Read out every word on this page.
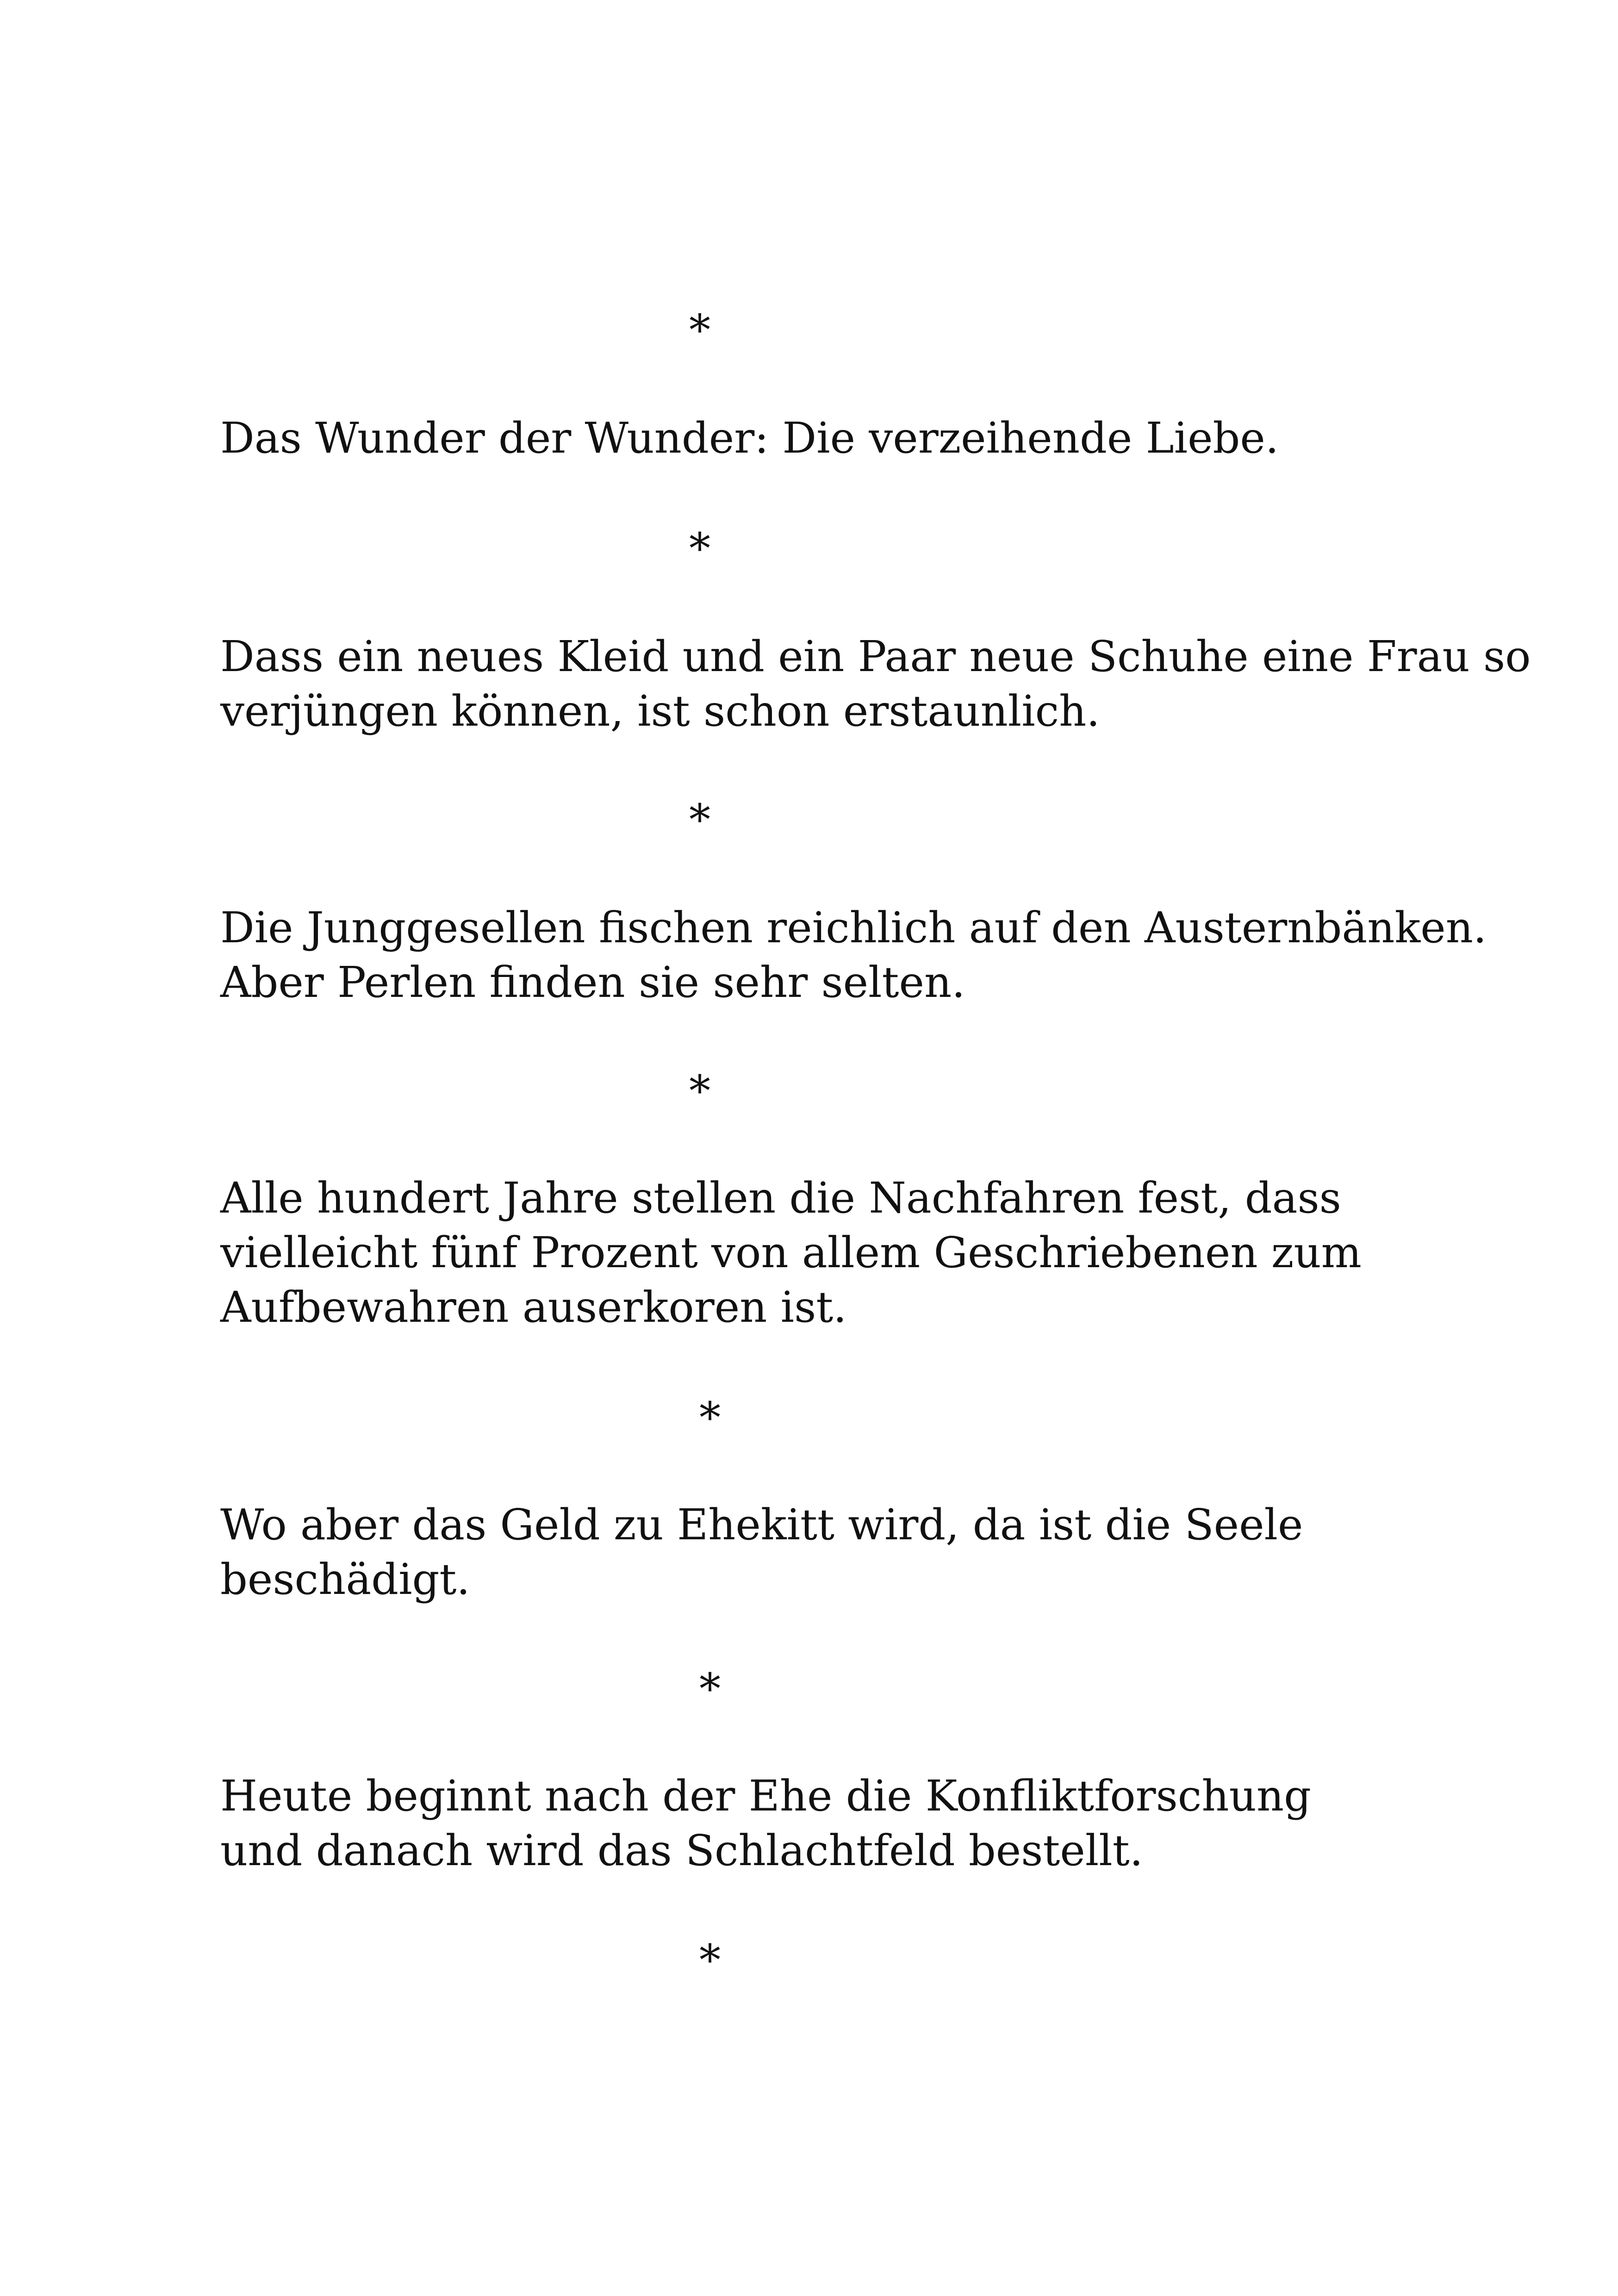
*
Das Wunder der Wunder: Die verzeihende Liebe.
*
Dass ein neues Kleid und ein Paar neue Schuhe eine Frau so
verjüngen können, ist schon erstaunlich.
*
Die Junggesellen fischen reichlich auf den Austernbänken.
Aber Perlen finden sie sehr selten.
*
Alle hundert Jahre stellen die Nachfahren fest, dass
vielleicht fünf Prozent von allem Geschriebenen zum
Aufbewahren auserkoren ist.
*
Wo aber das Geld zu Ehekitt wird, da ist die Seele
beschädigt.
*
Heute beginnt nach der Ehe die Konfliktforschung
und danach wird das Schlachtfeld bestellt.
*
